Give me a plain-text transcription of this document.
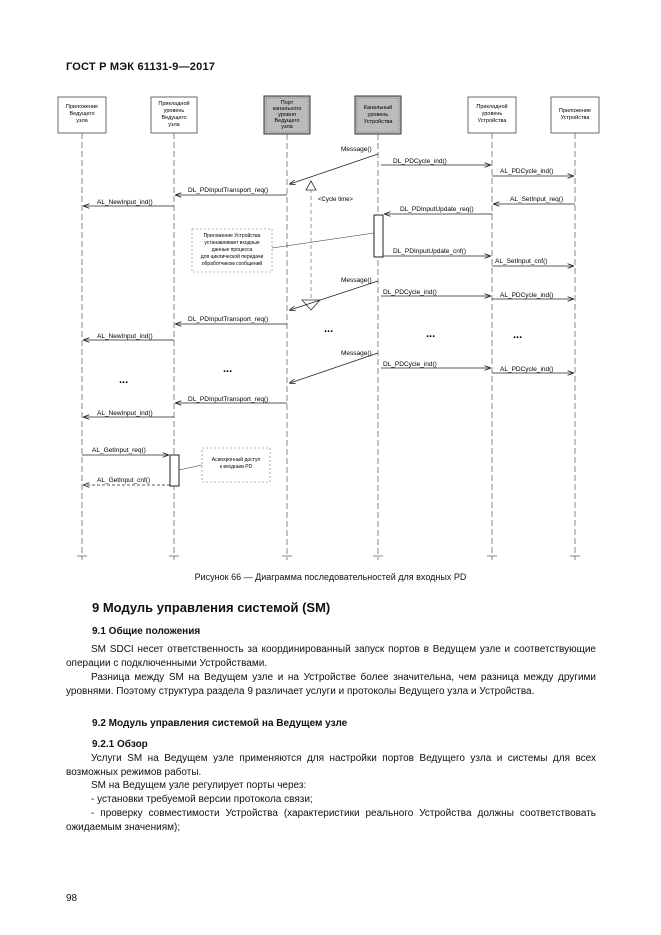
ГОСТ Р МЭК 61131-9—2017
Приложение
Ведущего
узла
Прикладной
уровень
Ведущего
узла
Порт
канального
уровня
Ведущего
узла
Канальный
уровень
Устройства
Прикладной
уровень
Устройства
Приложение
Устройства
<Cycle time>
Message()
DL_PDCycle_ind()
AL_PDCycle_ind()
DL_PDInputTransport_req()
AL_NewInput_ind()	AL_SetInput_req()
DL_PDInputUpdate_req()
Приложение Устройства
устанавливает входные
данные процесса
для циклической передачи
обработчиком сообщений
DL_PDInputUpdate_cnf()
AL_SetInput_cnf()
Message()
DL_PDCycle_ind()	AL_PDCycle_ind()
DL_PDInputTransport_req()
AL_NewInput_ind()
...	...	...
Message()
DL_PDCycle_ind()
AL_PDCycle_ind()
...
...
DL_PDInputTransport_req()
AL_NewInput_ind()
AL_GetInput_req()
AL_GetInput_cnf()
Асинхронный доступ
к входным PD
Рисунок 66 — Диаграмма последовательностей для входных PD
9 Модуль управления системой (SM)
9.1 Общие положения
SM SDCI несет ответственность за координированный запуск портов в Ведущем узле и соответствующие операции с подключенными Устройствами.
Разница между SM на Ведущем узле и на Устройстве более значительна, чем разница между другими уровнями. Поэтому структура раздела 9 различает услуги и протоколы Ведущего узла и Устройства.
9.2 Модуль управления системой на Ведущем узле
9.2.1 Обзор
Услуги SM на Ведущем узле применяются для настройки портов Ведущего узла и системы для всех возможных режимов работы.
SM на Ведущем узле регулирует порты через:
- установки требуемой версии протокола связи;
- проверку совместимости Устройства (характеристики реального Устройства должны соответствовать ожидаемым значениям);
98
